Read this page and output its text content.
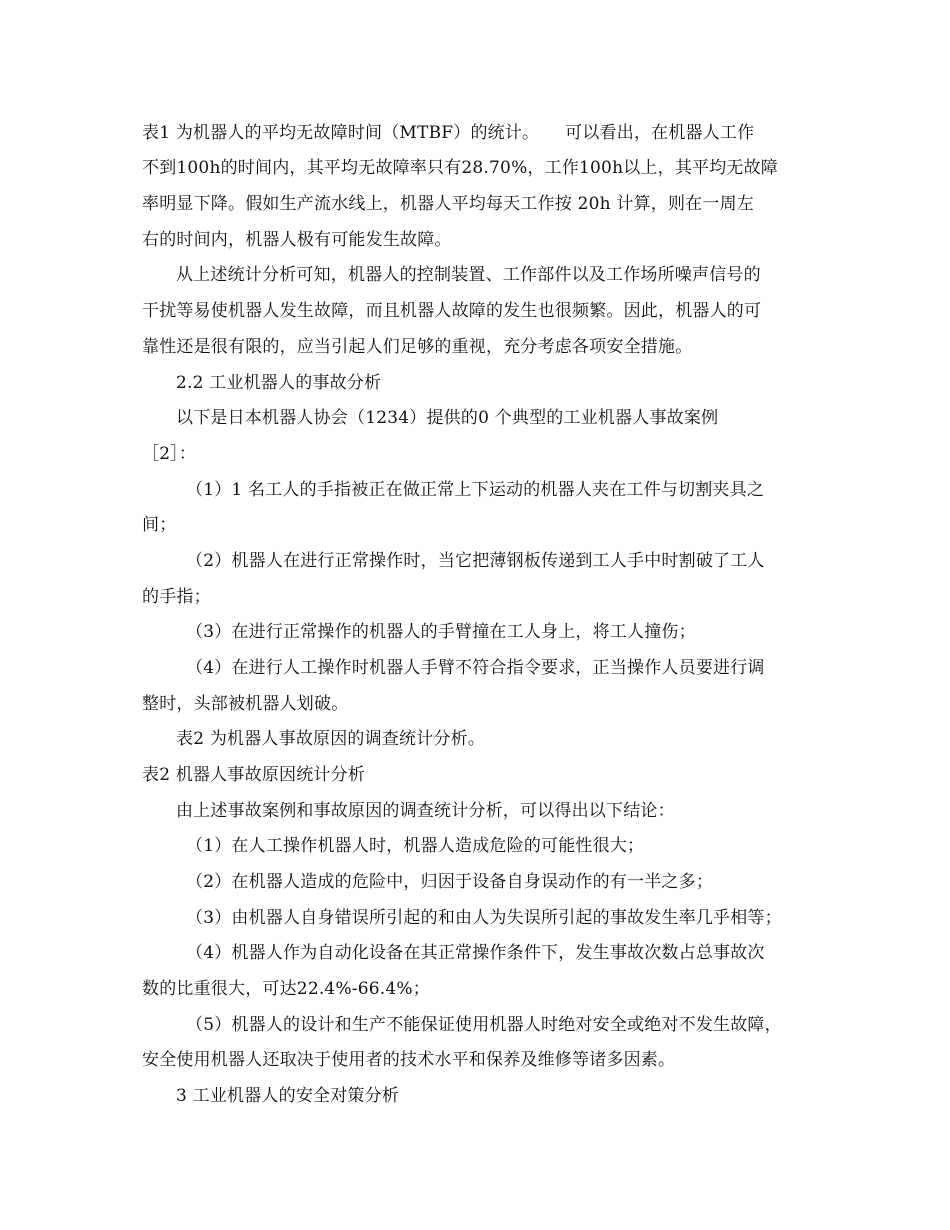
表1 为机器人的平均无故障时间（MTBF）的统计。　　可以看出，在机器人工作
不到100h的时间内，其平均无故障率只有28.70%，工作100h以上，其平均无故障
率明显下降。假如生产流水线上，机器人平均每天工作按 20h 计算，则在一周左
右的时间内，机器人极有可能发生故障。
从上述统计分析可知，机器人的控制装置、工作部件以及工作场所噪声信号的
干扰等易使机器人发生故障，而且机器人故障的发生也很频繁。因此，机器人的可
靠性还是很有限的，应当引起人们足够的重视，充分考虑各项安全措施。
2.2 工业机器人的事故分析
以下是日本机器人协会（1234）提供的0 个典型的工业机器人事故案例
［2］：
（1）1 名工人的手指被正在做正常上下运动的机器人夹在工件与切割夹具之
间；
（2）机器人在进行正常操作时，当它把薄钢板传递到工人手中时割破了工人
的手指；
（3）在进行正常操作的机器人的手臂撞在工人身上，将工人撞伤；
（4）在进行人工操作时机器人手臂不符合指令要求，正当操作人员要进行调
整时，头部被机器人划破。
表2 为机器人事故原因的调查统计分析。
表2 机器人事故原因统计分析
由上述事故案例和事故原因的调查统计分析，可以得出以下结论：
（1）在人工操作机器人时，机器人造成危险的可能性很大；
（2）在机器人造成的危险中，归因于设备自身误动作的有一半之多；
（3）由机器人自身错误所引起的和由人为失误所引起的事故发生率几乎相等；
（4）机器人作为自动化设备在其正常操作条件下，发生事故次数占总事故次
数的比重很大，可达22.4%-66.4%；
（5）机器人的设计和生产不能保证使用机器人时绝对安全或绝对不发生故障，
安全使用机器人还取决于使用者的技术水平和保养及维修等诸多因素。
3 工业机器人的安全对策分析
